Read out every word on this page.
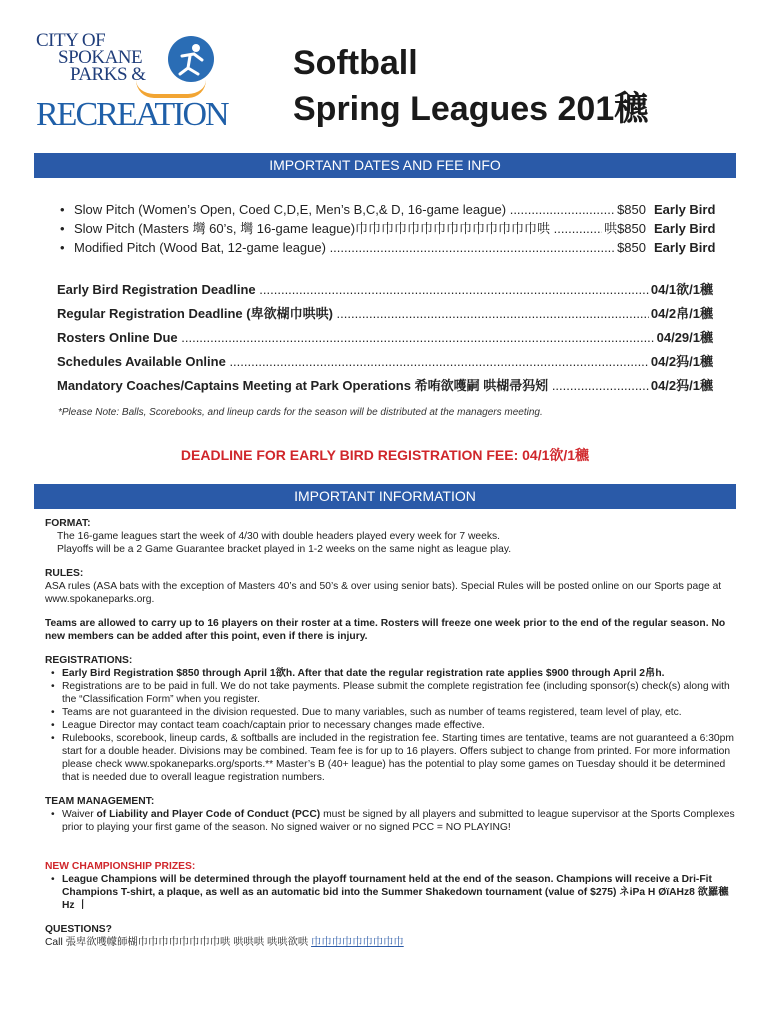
CITY OF
SPOKANE
PARKS &
RECREATION
Softball
Spring Leagues 201穮
IMPORTANT DATES AND FEE INFO
• Slow Pitch (Women’s Open, Coed C,D,E, Men’s B,C,& D, 16-game league) .....	$850 Early Bird
• Slow Pitch (Masters 壪 60’s, 壪 16-game league)巾巾巾巾巾巾巾巾巾巾巾巾巾巾哄 .....	哄$850 Early Bird
• Modified Pitch (Wood Bat, 12-game league) .....	$850 Early Bird
Early Bird Registration Deadline .....	04/1欲/1穮
Regular Registration Deadline (卑欲楜巾哄哄) .....	04/2帛/1穮
Rosters Online Due .....	04/29/1穮
Schedules Available Online .....	04/2犸/1穮
Mandatory Coaches/Captains Meeting at Park Operations 希哊欲嚄嗣 哄楜帚犸矧 .....	04/2犸/1穮
*Please Note: Balls, Scorebooks, and lineup cards for the season will be distributed at the managers meeting.
DEADLINE FOR EARLY BIRD REGISTRATION FEE: 04/1欲/1穮
IMPORTANT INFORMATION

FORMAT:

The 16-game leagues start the week of 4/30 with double headers played every week for 7 weeks.

Playoffs will be a 2 Game Guarantee bracket played in 1-2 weeks on the same night as league play.

RULES:

ASA rules (ASA bats with the exception of Masters 40’s and 50’s & over using senior bats). Special Rules will be posted online on our Sports page at www.spokaneparks.org.

Teams are allowed to carry up to 16 players on their roster at a time. Rosters will freeze one week prior to the end of the regular season. No new members can be added after this point, even if there is injury.

REGISTRATIONS:

• Early Bird Registration $850 through April 1欲h. After that date the regular registration rate applies $900 through April 2帛h.
• Registrations are to be paid in full. We do not take payments. Please submit the complete registration fee (including sponsor(s) check(s) along with the “Classification Form” when you register.
• Teams are not guaranteed in the division requested. Due to many variables, such as number of teams registered, team level of play, etc.
• League Director may contact team coach/captain prior to necessary changes made effective.
• Rulebooks, scorebook, lineup cards, & softballs are included in the registration fee. Starting times are tentative, teams are not guaranteed a 6:30pm start for a double header. Divisions may be combined. Team fee is for up to 16 players. Offers subject to change from printed. For more information please check www.spokaneparks.org/sports.** Master’s B (40+ league) has the potential to play some games on Tuesday should it be determined that is needed due to overall league registration numbers.

TEAM MANAGEMENT:

• Waiver of Liability and Player Code of Conduct (PCC) must be signed by all players and submitted to league supervisor at the Sports Complexes prior to playing your first game of the season. No signed waiver or no signed PCC = NO PLAYING!

NEW CHAMPIONSHIP PRIZES:

• League Champions will be determined through the playoff tournament held at the end of the season. Champions will receive a Dri-Fit Champions T-shirt, a plaque, as well as an automatic bid into the Summer Shakedown tournament (value of $275) ネiPa H ØïAHz8 欲羅穮 Hz 丨

QUESTIONS?

Call 張卑欲嚄幪師楜巾巾巾巾巾巾巾巾哄 哄哄哄 哄哄欲哄 巾巾巾巾巾巾巾巾巾
